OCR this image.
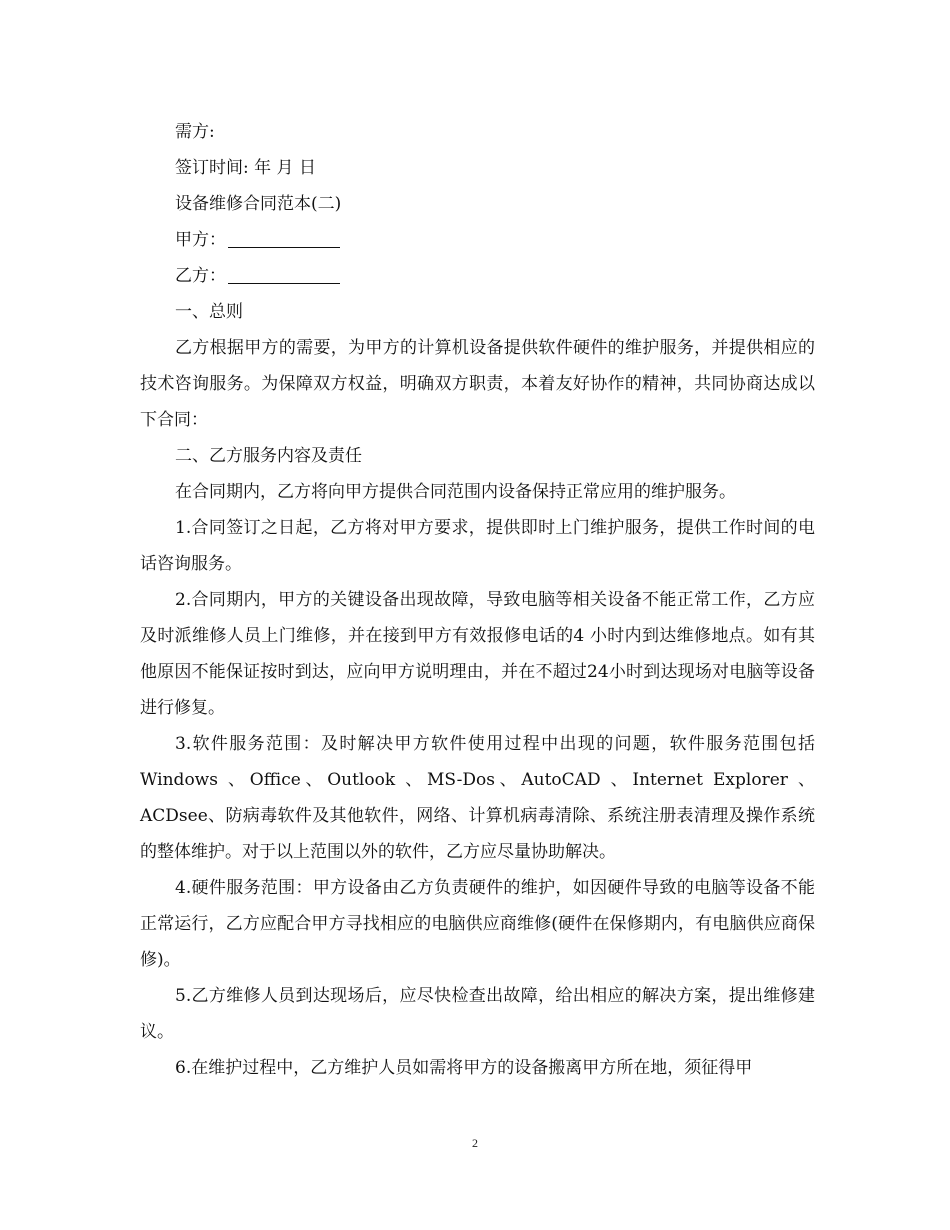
需方:

签订时间: 年 月 日

设备维修合同范本(二)

甲方：

乙方：

一、总则

乙方根据甲方的需要，为甲方的计算机设备提供软件硬件的维护服务，并提供相应的技术咨询服务。为保障双方权益，明确双方职责，本着友好协作的精神，共同协商达成以下合同：

二、乙方服务内容及责任

在合同期内，乙方将向甲方提供合同范围内设备保持正常应用的维护服务。

1.合同签订之日起，乙方将对甲方要求，提供即时上门维护服务，提供工作时间的电话咨询服务。

2.合同期内，甲方的关键设备出现故障，导致电脑等相关设备不能正常工作，乙方应及时派维修人员上门维修，并在接到甲方有效报修电话的4 小时内到达维修地点。如有其他原因不能保证按时到达，应向甲方说明理由，并在不超过24小时到达现场对电脑等设备进行修复。

3.软件服务范围：及时解决甲方软件使用过程中出现的问题，软件服务范围包括Windows 、Office、Outlook 、MS-Dos、AutoCAD 、Internet Explorer 、ACDsee、防病毒软件及其他软件，网络、计算机病毒清除、系统注册表清理及操作系统的整体维护。对于以上范围以外的软件，乙方应尽量协助解决。

4.硬件服务范围：甲方设备由乙方负责硬件的维护，如因硬件导致的电脑等设备不能正常运行，乙方应配合甲方寻找相应的电脑供应商维修(硬件在保修期内，有电脑供应商保修)。

5.乙方维修人员到达现场后，应尽快检查出故障，给出相应的解决方案，提出维修建议。

6.在维护过程中，乙方维护人员如需将甲方的设备搬离甲方所在地，须征得甲

2
